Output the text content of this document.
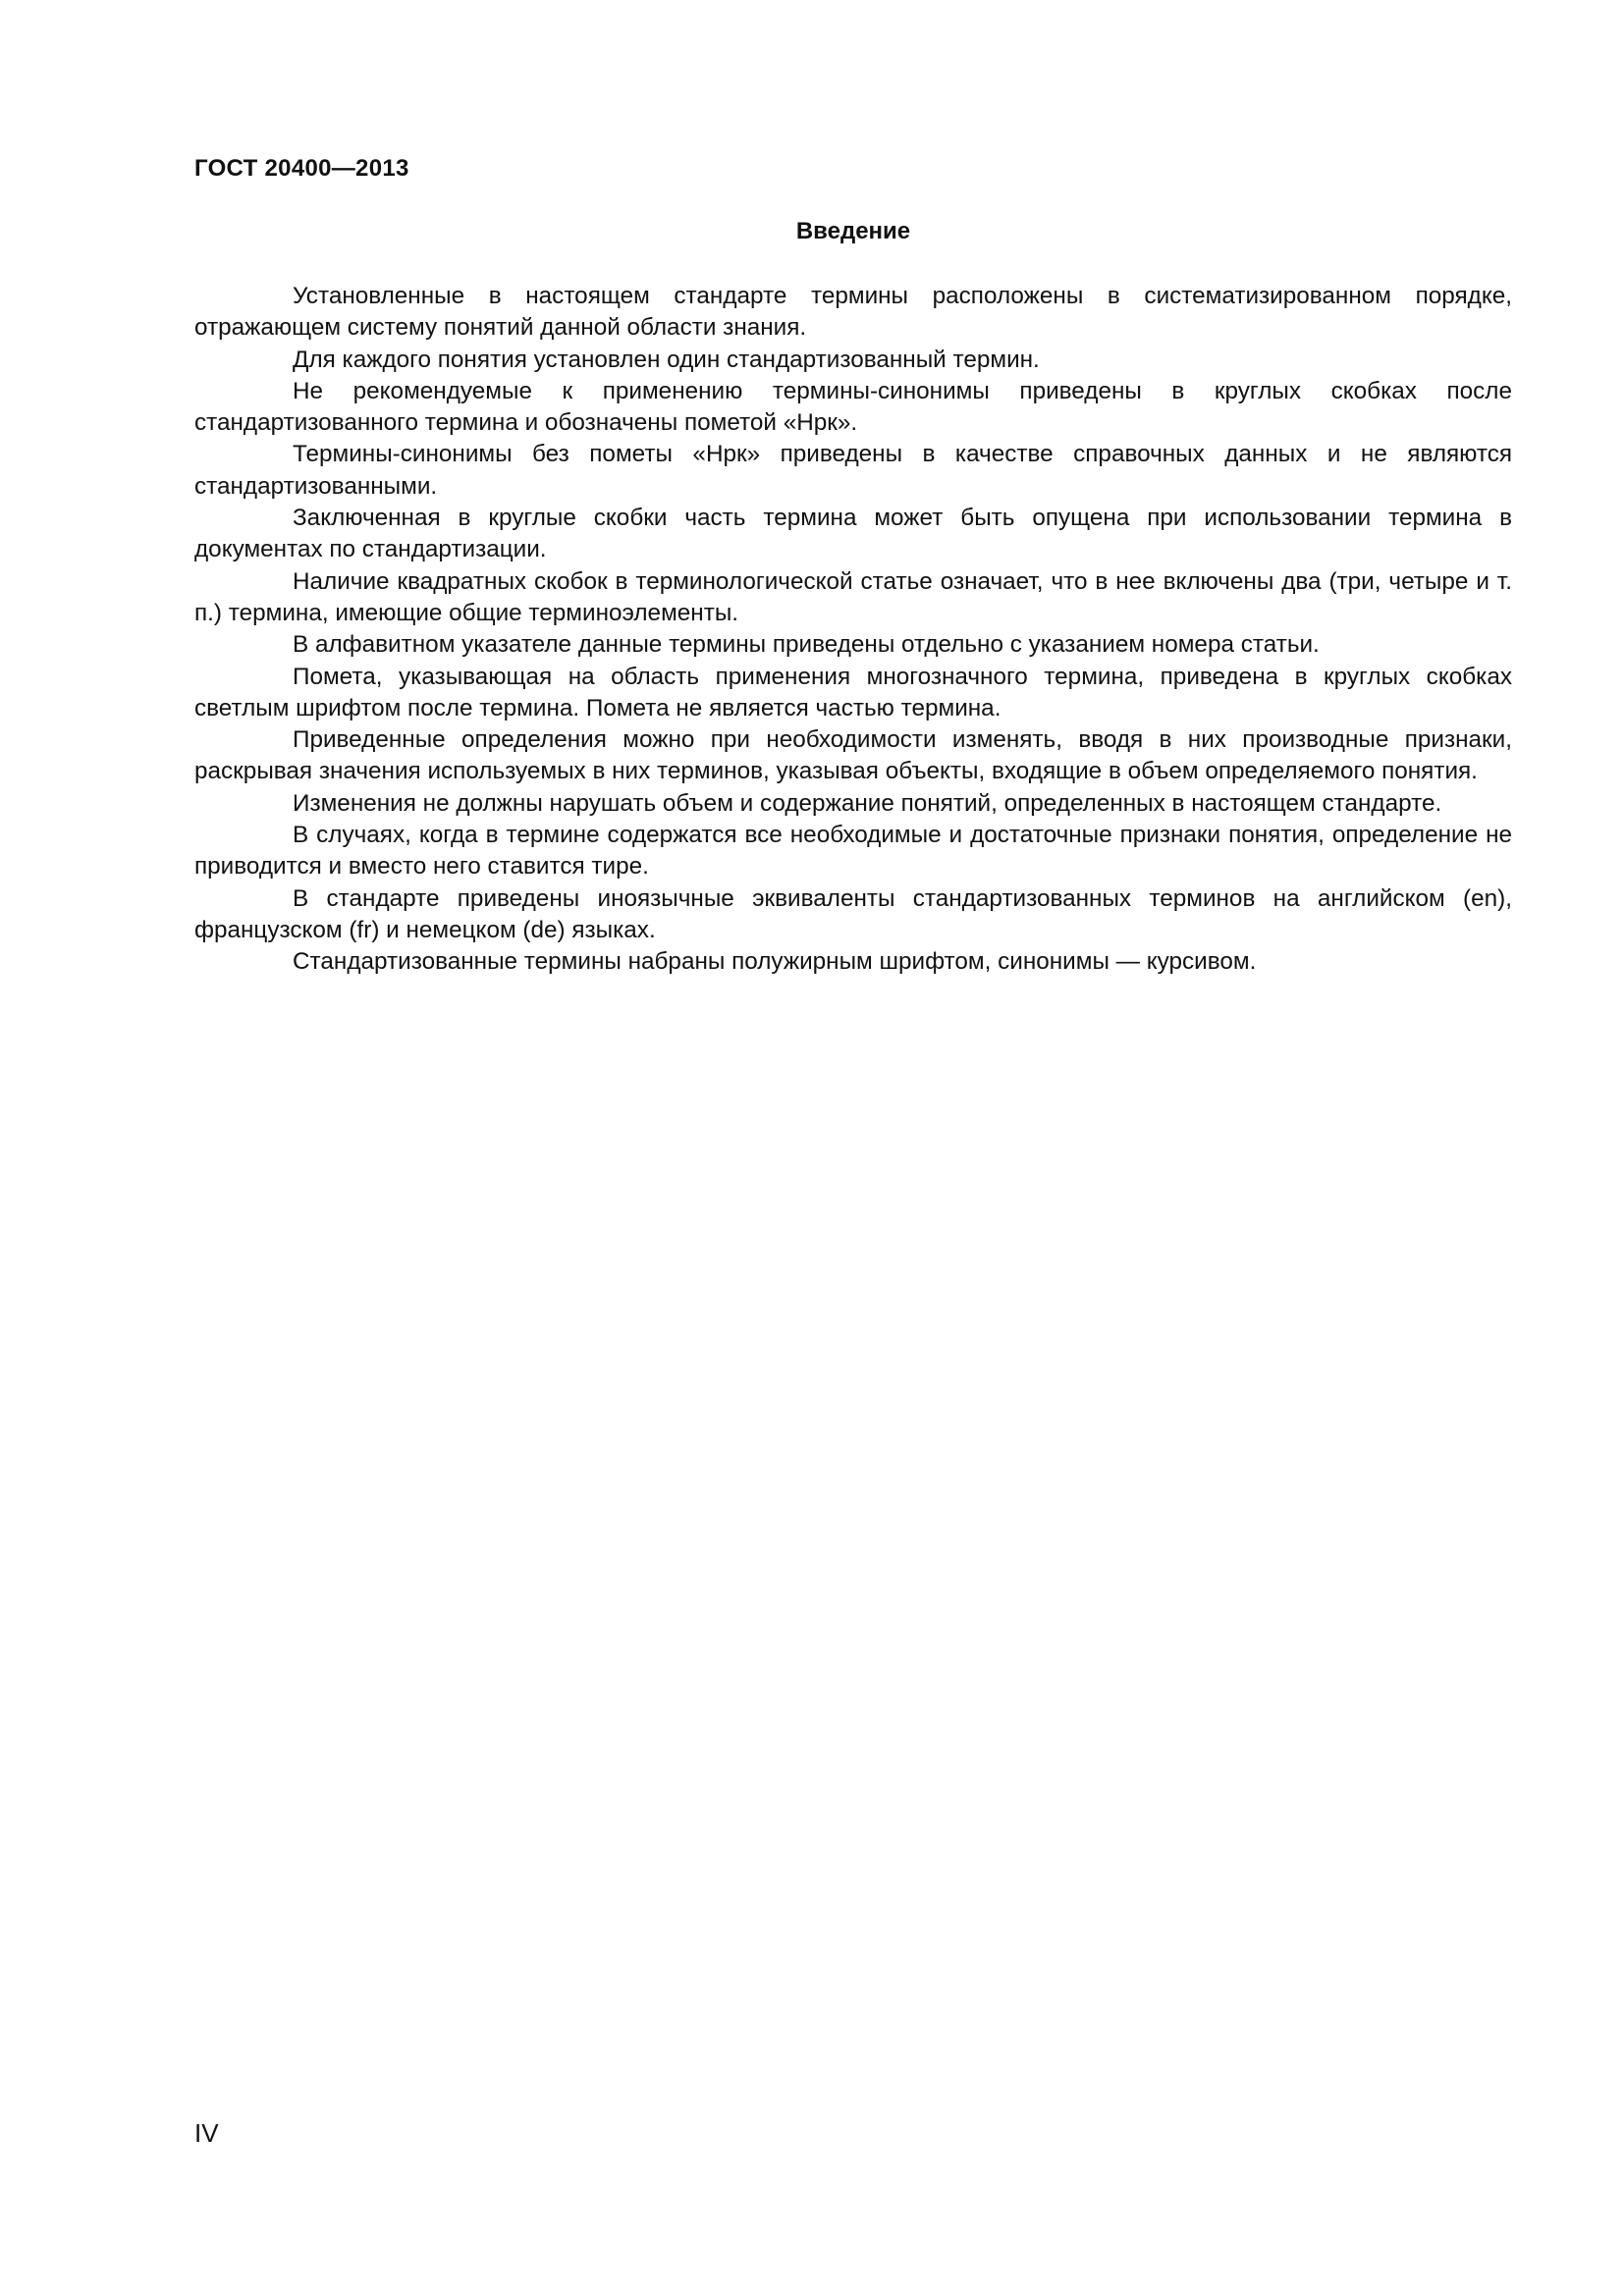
ГОСТ 20400—2013
Введение

Установленные в настоящем стандарте термины расположены в систематизированном порядке, отражающем систему понятий данной области знания.

Для каждого понятия установлен один стандартизованный термин.

Не рекомендуемые к применению термины-синонимы приведены в круглых скобках после стандартизованного термина и обозначены пометой «Нрк».

Термины-синонимы без пометы «Нрк» приведены в качестве справочных данных и не являются стандартизованными.

Заключенная в круглые скобки часть термина может быть опущена при использовании термина в документах по стандартизации.

Наличие квадратных скобок в терминологической статье означает, что в нее включены два (три, четыре и т. п.) термина, имеющие общие терминоэлементы.

В алфавитном указателе данные термины приведены отдельно с указанием номера статьи.

Помета, указывающая на область применения многозначного термина, приведена в круглых скобках светлым шрифтом после термина. Помета не является частью термина.

Приведенные определения можно при необходимости изменять, вводя в них производные признаки, раскрывая значения используемых в них терминов, указывая объекты, входящие в объем определяемого понятия.

Изменения не должны нарушать объем и содержание понятий, определенных в настоящем стандарте.

В случаях, когда в термине содержатся все необходимые и достаточные признаки понятия, определение не приводится и вместо него ставится тире.

В стандарте приведены иноязычные эквиваленты стандартизованных терминов на английском (en), французском (fr) и немецком (de) языках.

Стандартизованные термины набраны полужирным шрифтом, синонимы — курсивом.

IV
